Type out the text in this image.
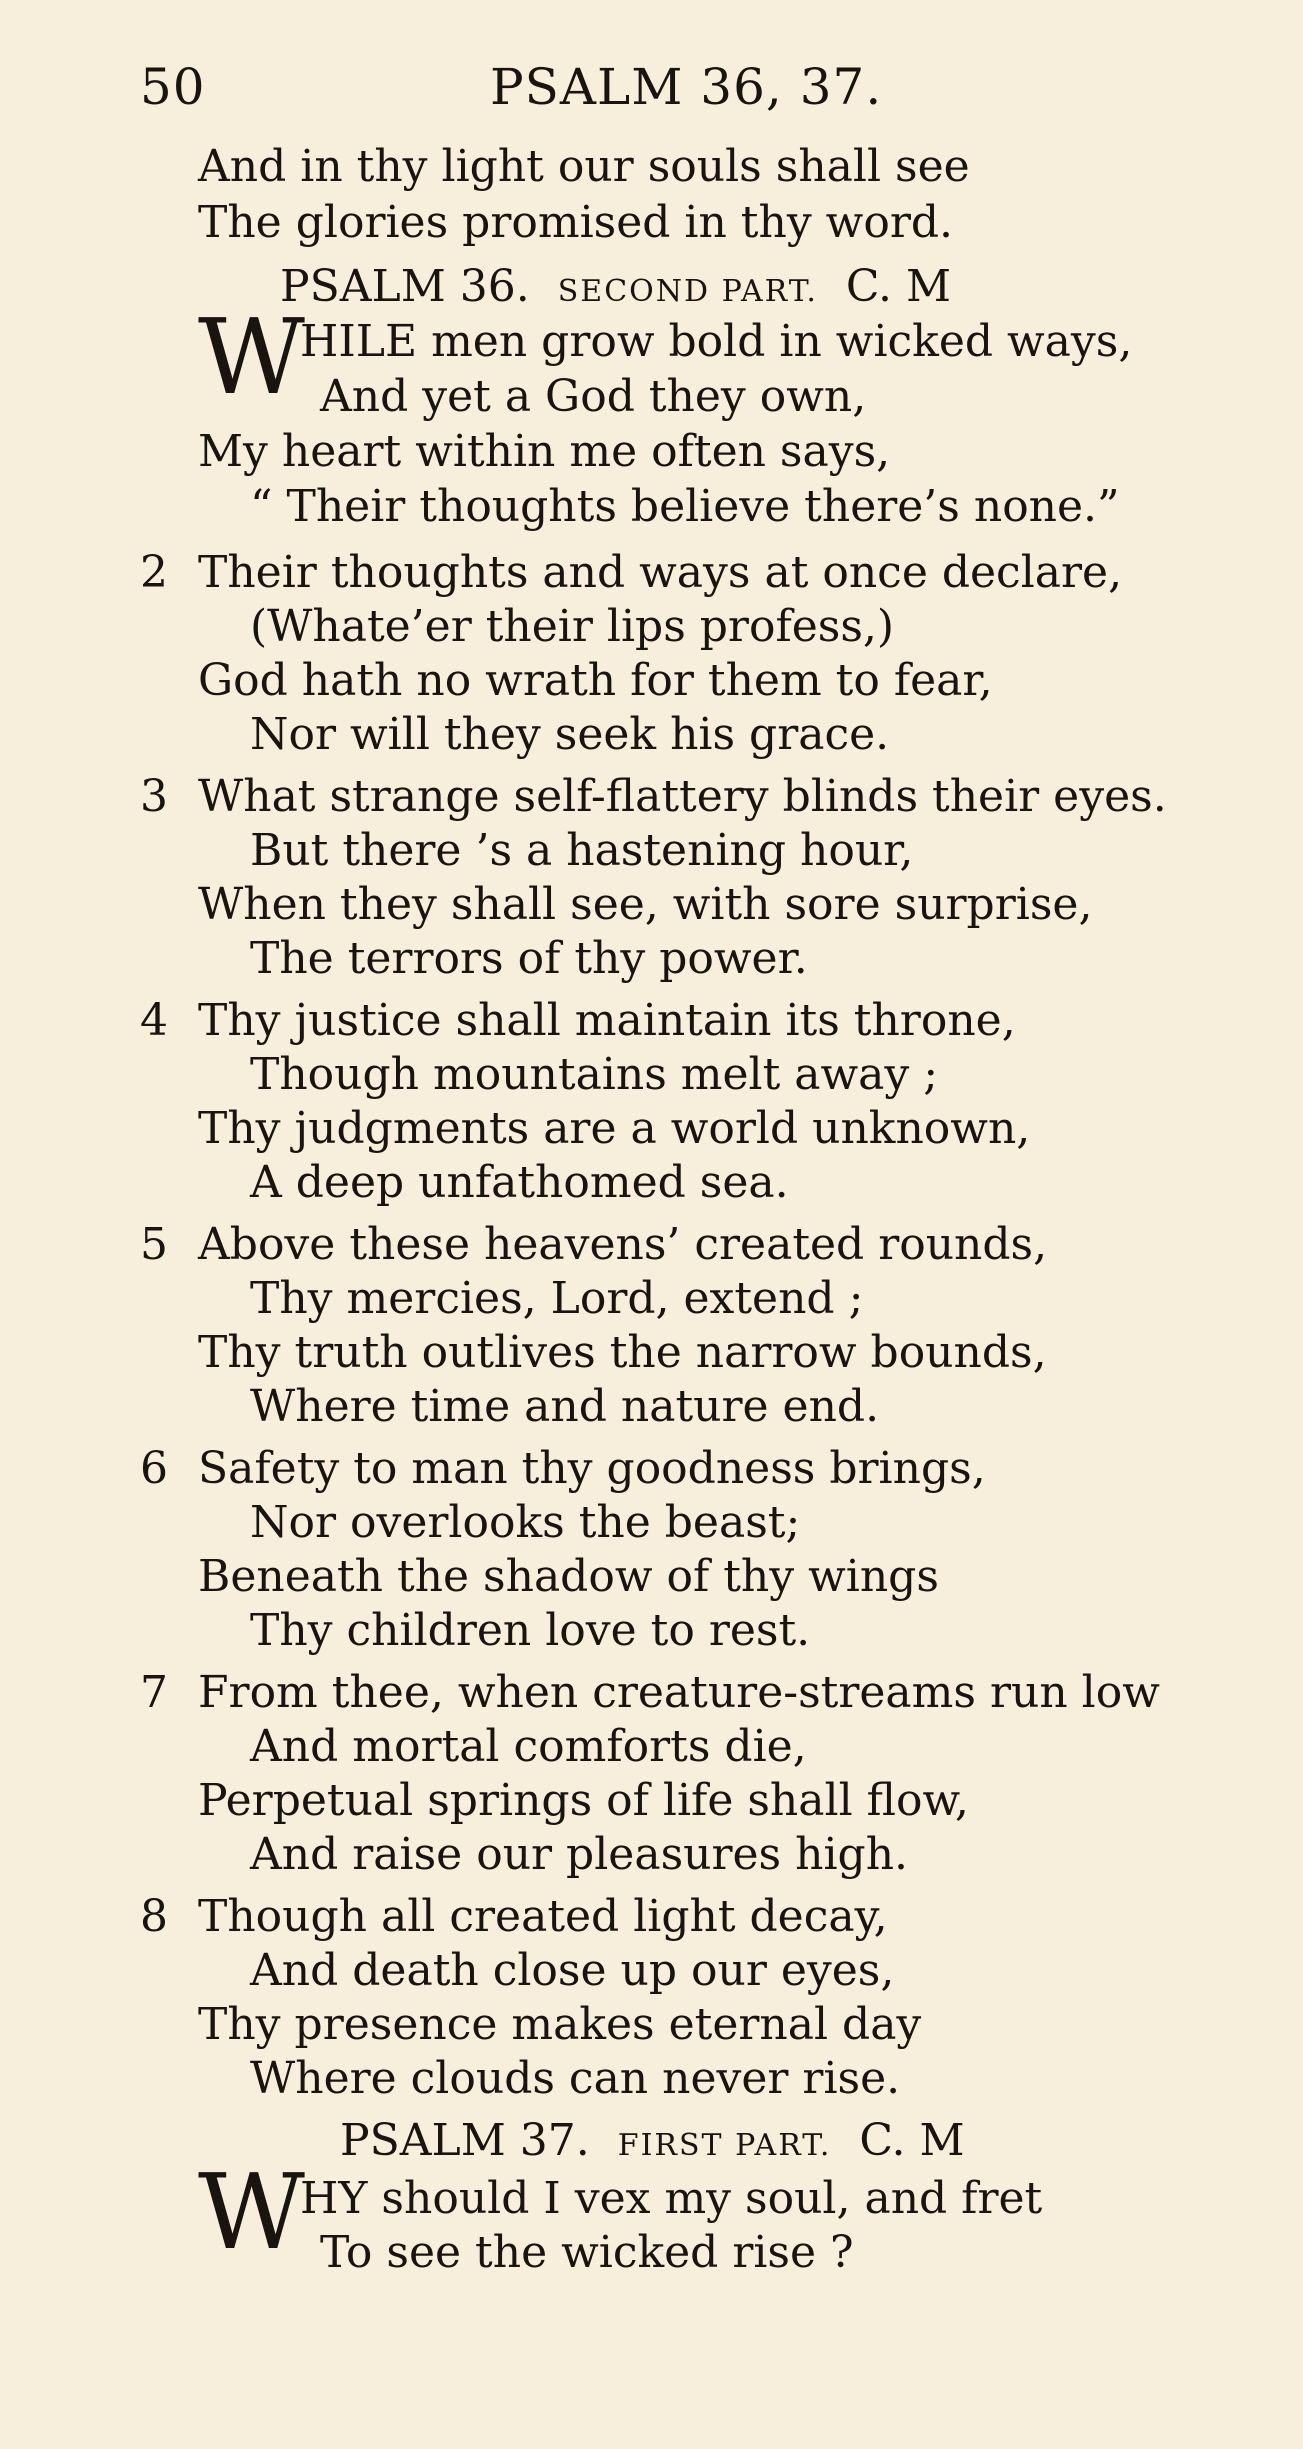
50	PSALM 36, 37.
And in thy light our souls shall see
The glories promised in thy word.
PSALM 36. SECOND PART. C. M
W
HILE men grow bold in wicked ways,
And yet a God they own,
My heart within me often says,
“ Their thoughts believe there’s none.”
2 Their thoughts and ways at once declare,
(Whate’er their lips profess,)
God hath no wrath for them to fear,
Nor will they seek his grace.
3 What strange self-flattery blinds their eyes.
But there ’s a hastening hour,
When they shall see, with sore surprise,
The terrors of thy power.
4 Thy justice shall maintain its throne,
Though mountains melt away ;
Thy judgments are a world unknown,
A deep unfathomed sea.
5 Above these heavens’ created rounds,
Thy mercies, Lord, extend ;
Thy truth outlives the narrow bounds,
Where time and nature end.
6 Safety to man thy goodness brings,
Nor overlooks the beast;
Beneath the shadow of thy wings
Thy children love to rest.
7 From thee, when creature-streams run low
And mortal comforts die,
Perpetual springs of life shall flow,
And raise our pleasures high.
8 Though all created light decay,
And death close up our eyes,
Thy presence makes eternal day
Where clouds can never rise.
PSALM 37. FIRST PART. C. M
W
HY should I vex my soul, and fret
To see the wicked rise ?
